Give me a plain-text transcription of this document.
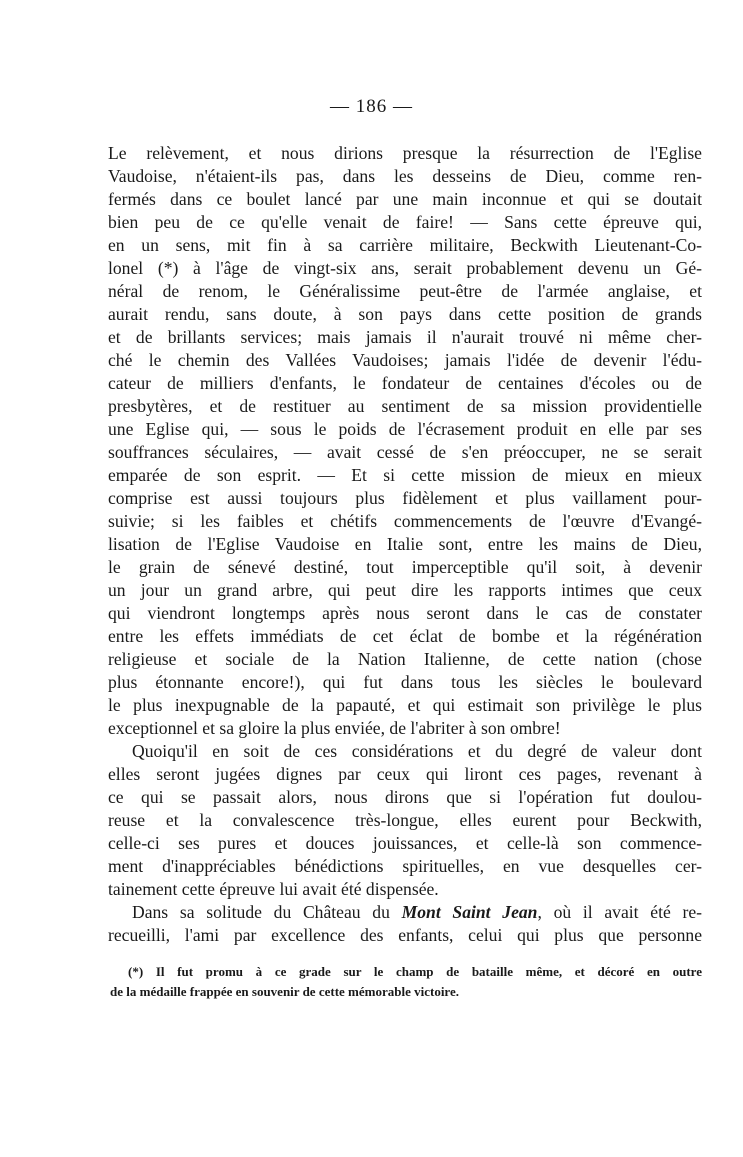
— 186 —
Le relèvement, et nous dirions presque la résurrection de l'Eglise
Vaudoise, n'étaient-ils pas, dans les desseins de Dieu, comme ren-
fermés dans ce boulet lancé par une main inconnue et qui se doutait
bien peu de ce qu'elle venait de faire! — Sans cette épreuve qui,
en un sens, mit fin à sa carrière militaire, Beckwith Lieutenant-Co-
lonel (*) à l'âge de vingt-six ans, serait probablement devenu un Gé-
néral de renom, le Généralissime peut-être de l'armée anglaise, et
aurait rendu, sans doute, à son pays dans cette position de grands
et de brillants services; mais jamais il n'aurait trouvé ni même cher-
ché le chemin des Vallées Vaudoises; jamais l'idée de devenir l'édu-
cateur de milliers d'enfants, le fondateur de centaines d'écoles ou de
presbytères, et de restituer au sentiment de sa mission providentielle
une Eglise qui, — sous le poids de l'écrasement produit en elle par ses
souffrances séculaires, — avait cessé de s'en préoccuper, ne se serait
emparée de son esprit. — Et si cette mission de mieux en mieux
comprise est aussi toujours plus fidèlement et plus vaillament pour-
suivie; si les faibles et chétifs commencements de l'œuvre d'Evangé-
lisation de l'Eglise Vaudoise en Italie sont, entre les mains de Dieu,
le grain de sénevé destiné, tout imperceptible qu'il soit, à devenir
un jour un grand arbre, qui peut dire les rapports intimes que ceux
qui viendront longtemps après nous seront dans le cas de constater
entre les effets immédiats de cet éclat de bombe et la régénération
religieuse et sociale de la Nation Italienne, de cette nation (chose
plus étonnante encore!), qui fut dans tous les siècles le boulevard
le plus inexpugnable de la papauté, et qui estimait son privilège le plus
exceptionnel et sa gloire la plus enviée, de l'abriter à son ombre!
Quoiqu'il en soit de ces considérations et du degré de valeur dont
elles seront jugées dignes par ceux qui liront ces pages, revenant à
ce qui se passait alors, nous dirons que si l'opération fut doulou-
reuse et la convalescence très-longue, elles eurent pour Beckwith,
celle-ci ses pures et douces jouissances, et celle-là son commence-
ment d'inappréciables bénédictions spirituelles, en vue desquelles cer-
tainement cette épreuve lui avait été dispensée.
Dans sa solitude du Château du Mont Saint Jean, où il avait été re-
recueilli, l'ami par excellence des enfants, celui qui plus que personne
(*) Il fut promu à ce grade sur le champ de bataille même, et décoré en outre
de la médaille frappée en souvenir de cette mémorable victoire.
